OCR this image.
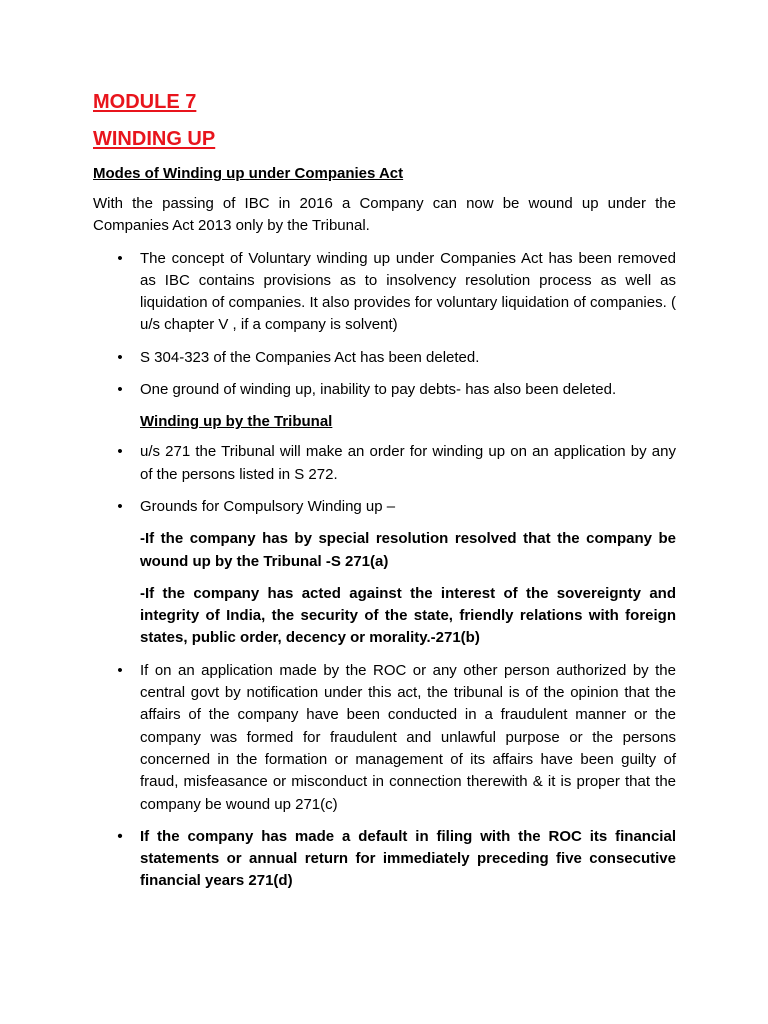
MODULE 7
WINDING UP

Modes of Winding up under Companies Act

With the passing of IBC in 2016 a Company can now be wound up under the Companies Act 2013 only by the Tribunal.

• The concept of Voluntary winding up under Companies Act has been removed as IBC contains provisions as to insolvency resolution process as well as liquidation of companies. It also provides for voluntary liquidation of companies. ( u/s chapter V , if a company is solvent)
• S 304-323 of the Companies Act has been deleted.
• One ground of winding up, inability to pay debts- has also been deleted.

Winding up by the Tribunal

• u/s 271 the Tribunal will make an order for winding up on an application by any of the persons listed in S 272.
• Grounds for Compulsory Winding up –

-If the company has by special resolution resolved that the company be wound up by the Tribunal -S 271(a)

-If the company has acted against the interest of the sovereignty and integrity of India, the security of the state, friendly relations with foreign states, public order, decency or morality.-271(b)

• If on an application made by the ROC or any other person authorized by the central govt by notification under this act, the tribunal is of the opinion that the affairs of the company have been conducted in a fraudulent manner or the company was formed for fraudulent and unlawful purpose or the persons concerned in the formation or management of its affairs have been guilty of fraud, misfeasance or misconduct in connection therewith & it is proper that the company be wound up 271(c)
• If the company has made a default in filing with the ROC its financial statements or annual return for immediately preceding five consecutive financial years 271(d)
